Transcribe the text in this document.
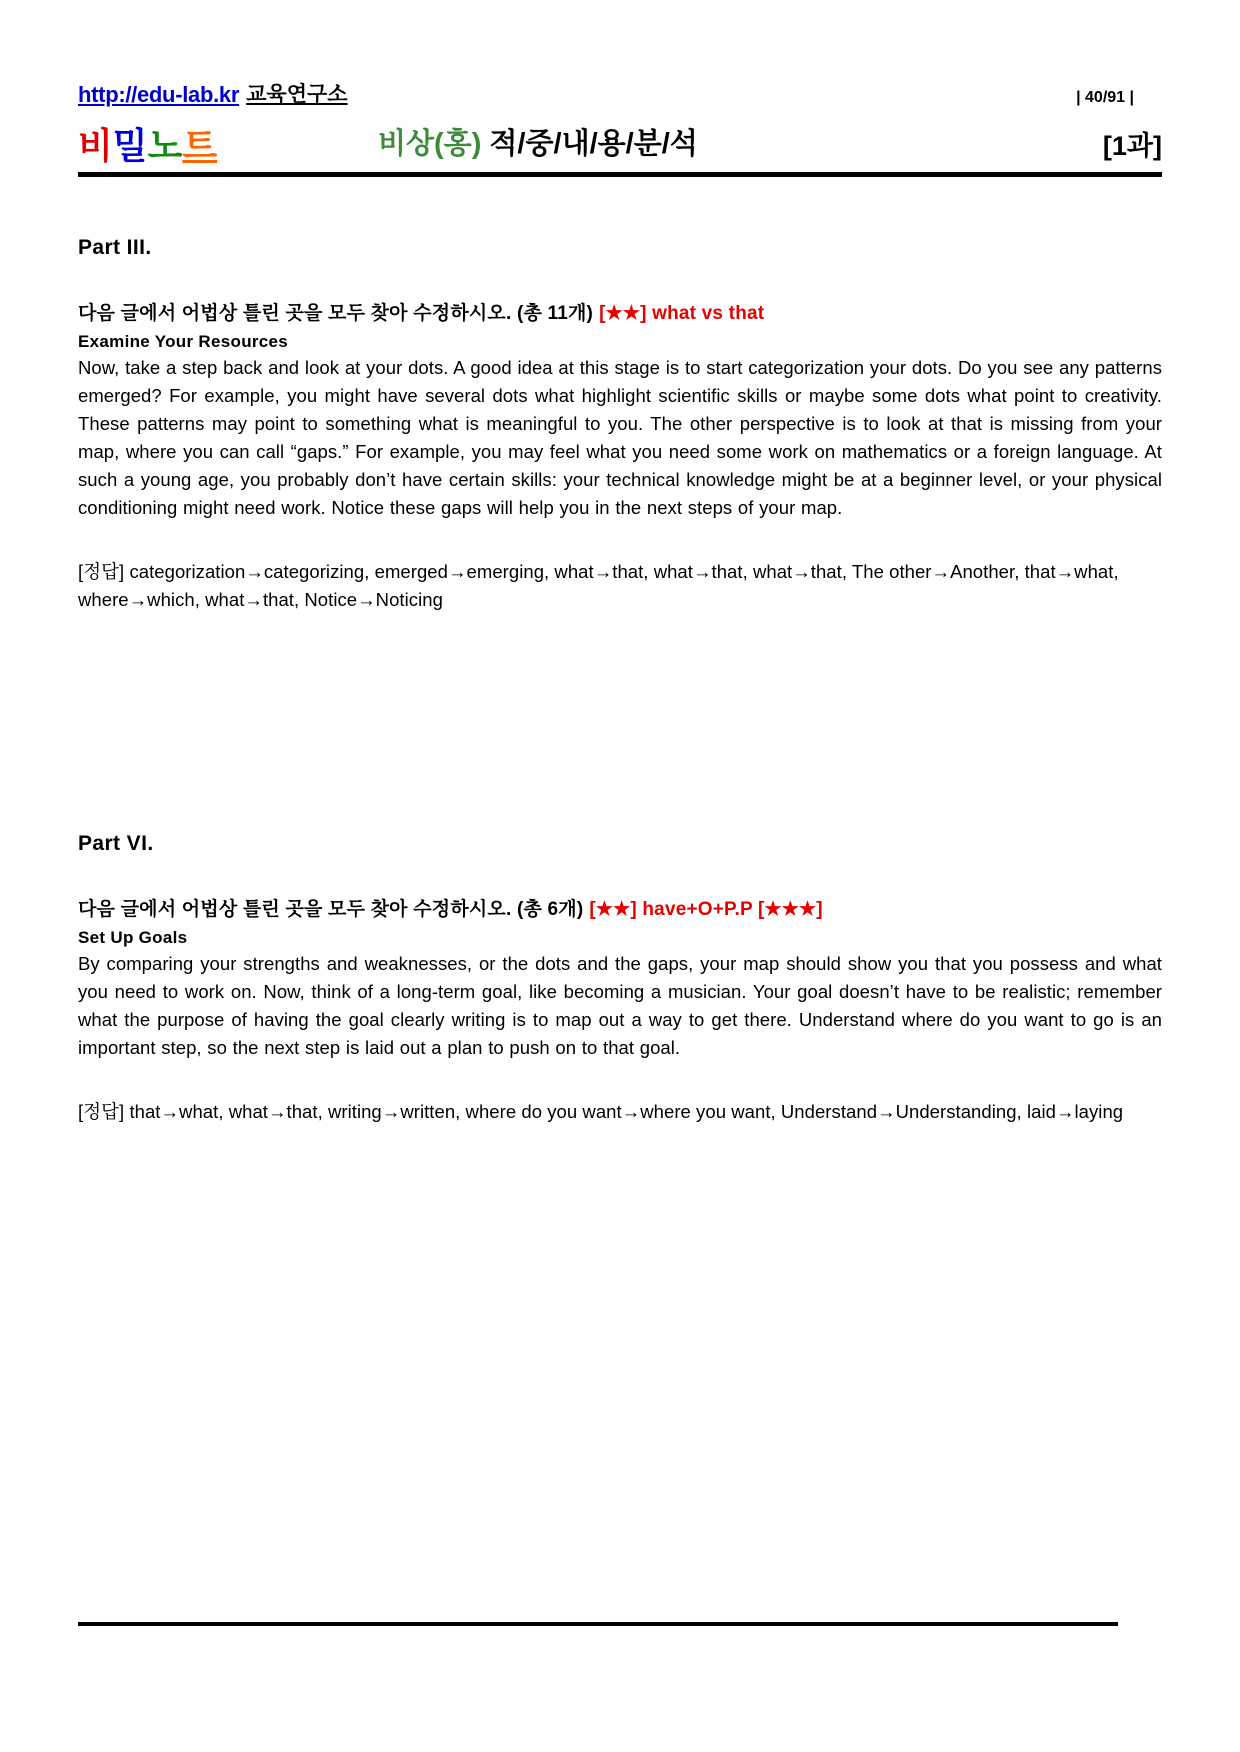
http://edu-lab.kr 교육연구소	| 40/91 |
비밀노트	비상(홍) 적/중/내/용/분/석	[1과]
Part III.
다음 글에서 어법상 틀린 곳을 모두 찾아 수정하시오. (총 11개) [★★] what vs that
Examine Your Resources
Now, take a step back and look at your dots. A good idea at this stage is to start categorization your dots. Do you see any patterns emerged? For example, you might have several dots what highlight scientific skills or maybe some dots what point to creativity. These patterns may point to something what is meaningful to you. The other perspective is to look at that is missing from your map, where you can call “gaps.” For example, you may feel what you need some work on mathematics or a foreign language. At such a young age, you probably don’t have certain skills: your technical knowledge might be at a beginner level, or your physical conditioning might need work. Notice these gaps will help you in the next steps of your map.
[정답] categorization→categorizing, emerged→emerging, what→that, what→that, what→that, The other→Another, that→what, where→which, what→that, Notice→Noticing
Part VI.
다음 글에서 어법상 틀린 곳을 모두 찾아 수정하시오. (총 6개) [★★] have+O+P.P [★★★]
Set Up Goals
By comparing your strengths and weaknesses, or the dots and the gaps, your map should show you that you possess and what you need to work on. Now, think of a long-term goal, like becoming a musician. Your goal doesn’t have to be realistic; remember what the purpose of having the goal clearly writing is to map out a way to get there. Understand where do you want to go is an important step, so the next step is laid out a plan to push on to that goal.
[정답] that→what, what→that, writing→written, where do you want→where you want, Understand→Understanding, laid→laying
